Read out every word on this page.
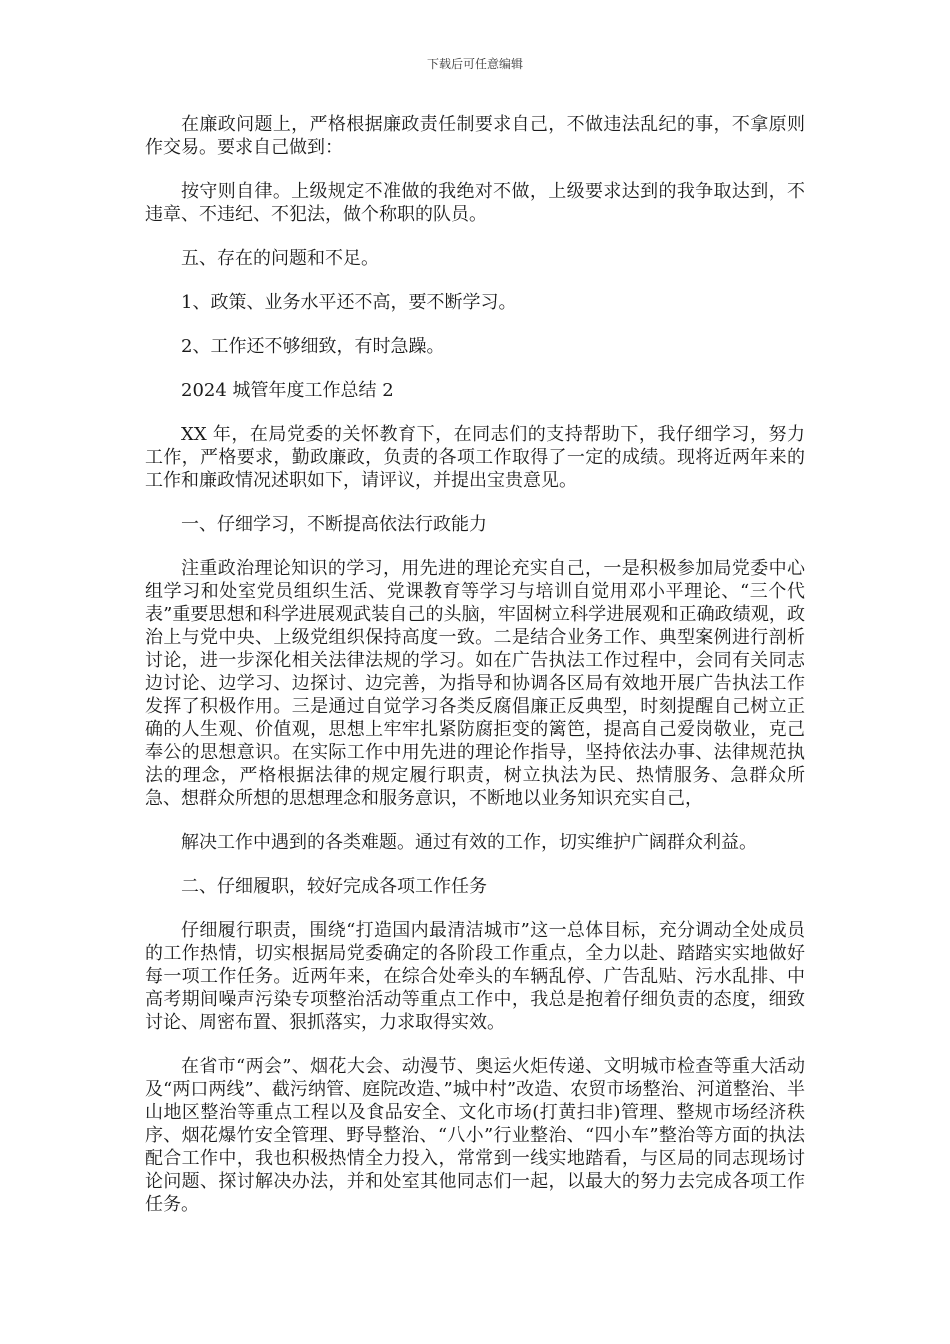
下载后可任意编辑

在廉政问题上，严格根据廉政责任制要求自己，不做违法乱纪的事，不拿原则作交易。要求自己做到：

按守则自律。上级规定不准做的我绝对不做，上级要求达到的我争取达到，不违章、不违纪、不犯法，做个称职的队员。

五、存在的问题和不足。

1、政策、业务水平还不高，要不断学习。

2、工作还不够细致，有时急躁。

2024 城管年度工作总结 2

XX 年，在局党委的关怀教育下，在同志们的支持帮助下，我仔细学习，努力工作，严格要求，勤政廉政，负责的各项工作取得了一定的成绩。现将近两年来的工作和廉政情况述职如下，请评议，并提出宝贵意见。

一、仔细学习，不断提高依法行政能力

注重政治理论知识的学习，用先进的理论充实自己，一是积极参加局党委中心组学习和处室党员组织生活、党课教育等学习与培训自觉用邓小平理论、“三个代表”重要思想和科学进展观武装自己的头脑，牢固树立科学进展观和正确政绩观，政治上与党中央、上级党组织保持高度一致。二是结合业务工作、典型案例进行剖析讨论，进一步深化相关法律法规的学习。如在广告执法工作过程中，会同有关同志边讨论、边学习、边探讨、边完善，为指导和协调各区局有效地开展广告执法工作发挥了积极作用。三是通过自觉学习各类反腐倡廉正反典型，时刻提醒自己树立正确的人生观、价值观，思想上牢牢扎紧防腐拒变的篱笆，提高自己爱岗敬业，克己奉公的思想意识。在实际工作中用先进的理论作指导，坚持依法办事、法律规范执法的理念，严格根据法律的规定履行职责，树立执法为民、热情服务、急群众所急、想群众所想的思想理念和服务意识，不断地以业务知识充实自己，

解决工作中遇到的各类难题。通过有效的工作，切实维护广阔群众利益。

二、仔细履职，较好完成各项工作任务

仔细履行职责，围绕“打造国内最清洁城市”这一总体目标，充分调动全处成员的工作热情，切实根据局党委确定的各阶段工作重点，全力以赴、踏踏实实地做好每一项工作任务。近两年来，在综合处牵头的车辆乱停、广告乱贴、污水乱排、中高考期间噪声污染专项整治活动等重点工作中，我总是抱着仔细负责的态度，细致讨论、周密布置、狠抓落实，力求取得实效。

在省市“两会”、烟花大会、动漫节、奥运火炬传递、文明城市检查等重大活动及“两口两线”、截污纳管、庭院改造、”城中村”改造、农贸市场整治、河道整治、半山地区整治等重点工程以及食品安全、文化市场(打黄扫非)管理、整规市场经济秩序、烟花爆竹安全管理、野导整治、“八小”行业整治、“四小车”整治等方面的执法配合工作中，我也积极热情全力投入，常常到一线实地踏看，与区局的同志现场讨论问题、探讨解决办法，并和处室其他同志们一起，以最大的努力去完成各项工作任务。
